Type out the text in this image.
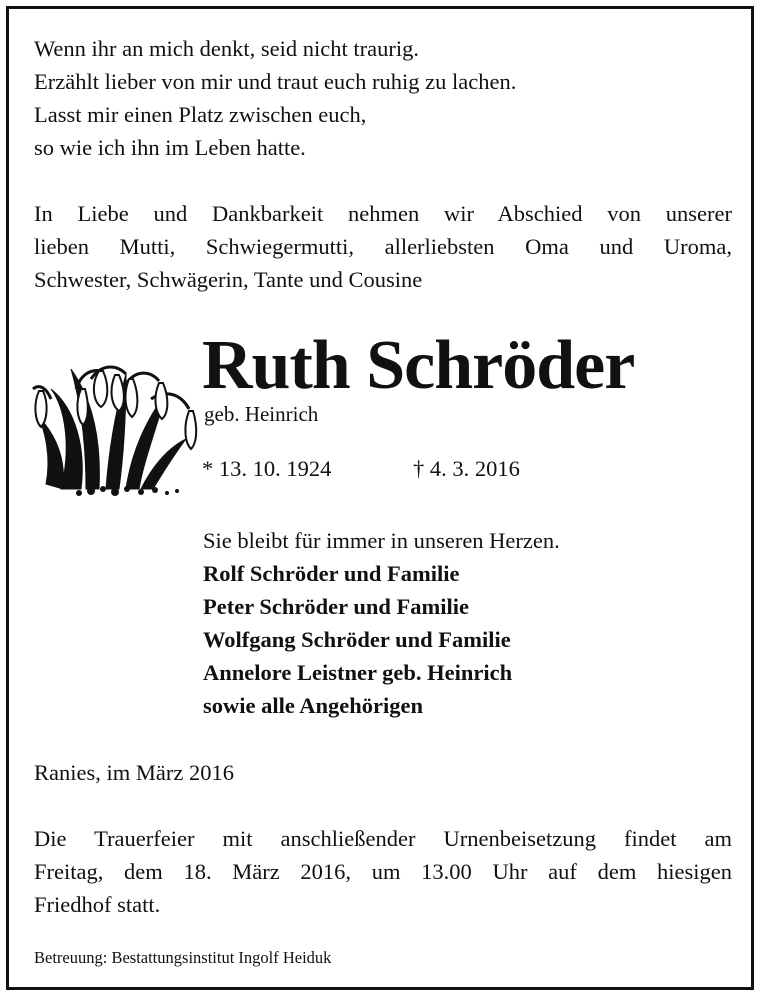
Wenn ihr an mich denkt, seid nicht traurig.
Erzählt lieber von mir und traut euch ruhig zu lachen.
Lasst mir einen Platz zwischen euch,
so wie ich ihn im Leben hatte.
In Liebe und Dankbarkeit nehmen wir Abschied von unserer
lieben Mutti, Schwiegermutti, allerliebsten Oma und Uroma,
Schwester, Schwägerin, Tante und Cousine
Ruth Schröder
geb. Heinrich
* 13. 10. 1924	† 4. 3. 2016
Sie bleibt für immer in unseren Herzen.
Rolf Schröder und Familie
Peter Schröder und Familie
Wolfgang Schröder und Familie
Annelore Leistner geb. Heinrich
sowie alle Angehörigen
Ranies, im März 2016
Die Trauerfeier mit anschließender Urnenbeisetzung findet am
Freitag, dem 18. März 2016, um 13.00 Uhr auf dem hiesigen
Friedhof statt.
Betreuung: Bestattungsinstitut Ingolf Heiduk
